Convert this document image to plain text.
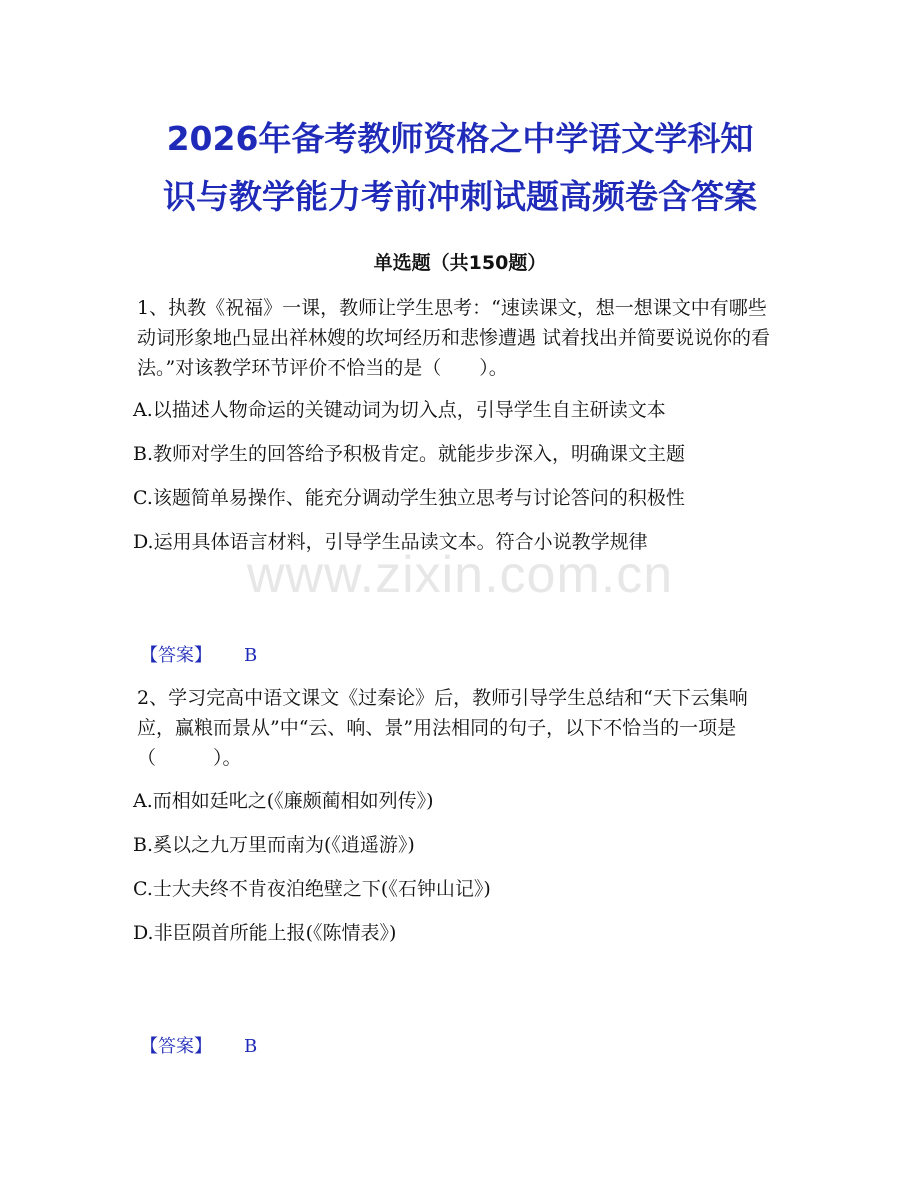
2026年备考教师资格之中学语文学科知
识与教学能力考前冲刺试题高频卷含答案
单选题（共150题）
www.zixin.com.cn
1、执教《祝福》一课，教师让学生思考：“速读课文，想一想课文中有哪些动词形象地凸显出祥林嫂的坎坷经历和悲惨遭遇 试着找出并简要说说你的看法。”对该教学环节评价不恰当的是（　　）。
A.以描述人物命运的关键动词为切入点，引导学生自主研读文本
B.教师对学生的回答给予积极肯定。就能步步深入，明确课文主题
C.该题简单易操作、能充分调动学生独立思考与讨论答问的积极性
D.运用具体语言材料，引导学生品读文本。符合小说教学规律
【答案】 B
2、学习完高中语文课文《过秦论》后，教师引导学生总结和“天下云集响应，赢粮而景从”中“云、响、景”用法相同的句子，以下不恰当的一项是（　　　）。
A.而相如廷叱之(《廉颇蔺相如列传》)
B.奚以之九万里而南为(《逍遥游》)
C.士大夫终不肯夜泊绝壁之下(《石钟山记》)
D.非臣陨首所能上报(《陈情表》)
【答案】 B
